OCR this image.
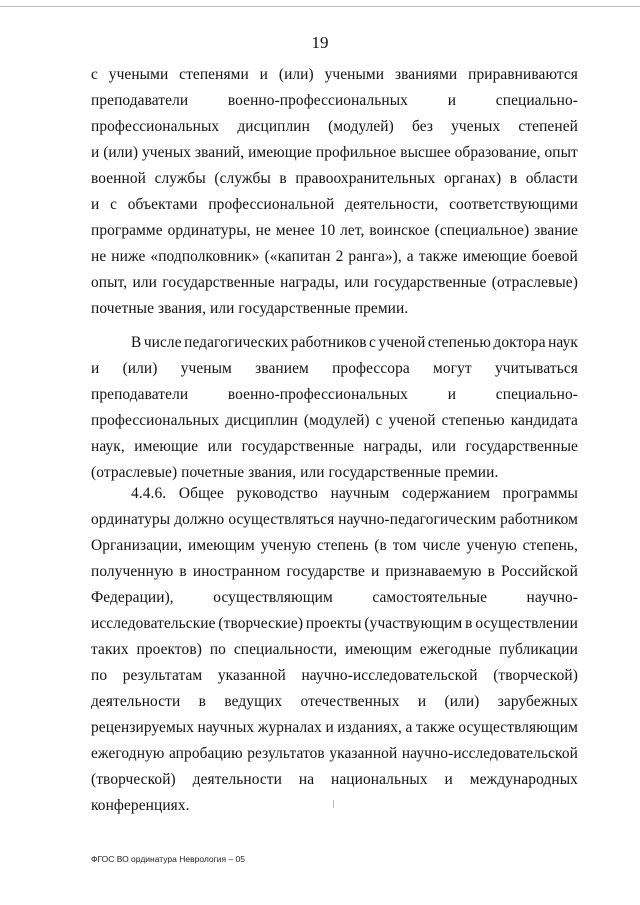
19
с учеными степенями и (или) учеными званиями приравниваются
преподаватели	военно-профессиональных	и	специально-
профессиональных дисциплин (модулей) без ученых степеней
и (или) ученых званий, имеющие профильное высшее образование, опыт
военной службы (службы в правоохранительных органах) в области
и с объектами профессиональной деятельности, соответствующими
программе ординатуры, не менее 10 лет, воинское (специальное) звание
не ниже «подполковник» («капитан 2 ранга»), а также имеющие боевой
опыт, или государственные награды, или государственные (отраслевые)
почетные звания, или государственные премии.
В числе педагогических работников с ученой степенью доктора наук
и (или) ученым званием профессора могут учитываться
преподаватели	военно-профессиональных	и	специально-
профессиональных дисциплин (модулей) с ученой степенью кандидата
наук, имеющие или государственные награды, или государственные
(отраслевые) почетные звания, или государственные премии.
4.4.6. Общее руководство научным содержанием программы
ординатуры должно осуществляться научно-педагогическим работником
Организации, имеющим ученую степень (в том числе ученую степень,
полученную в иностранном государстве и признаваемую в Российской
Федерации),	осуществляющим	самостоятельные	научно-
исследовательские (творческие) проекты (участвующим в осуществлении
таких проектов) по специальности, имеющим ежегодные публикации
по результатам указанной научно-исследовательской (творческой)
деятельности в ведущих отечественных и (или) зарубежных
рецензируемых научных журналах и изданиях, а также осуществляющим
ежегодную апробацию результатов указанной научно-исследовательской
(творческой) деятельности на национальных и международных
конференциях.
ФГОС ВО ординатура Неврология – 05
